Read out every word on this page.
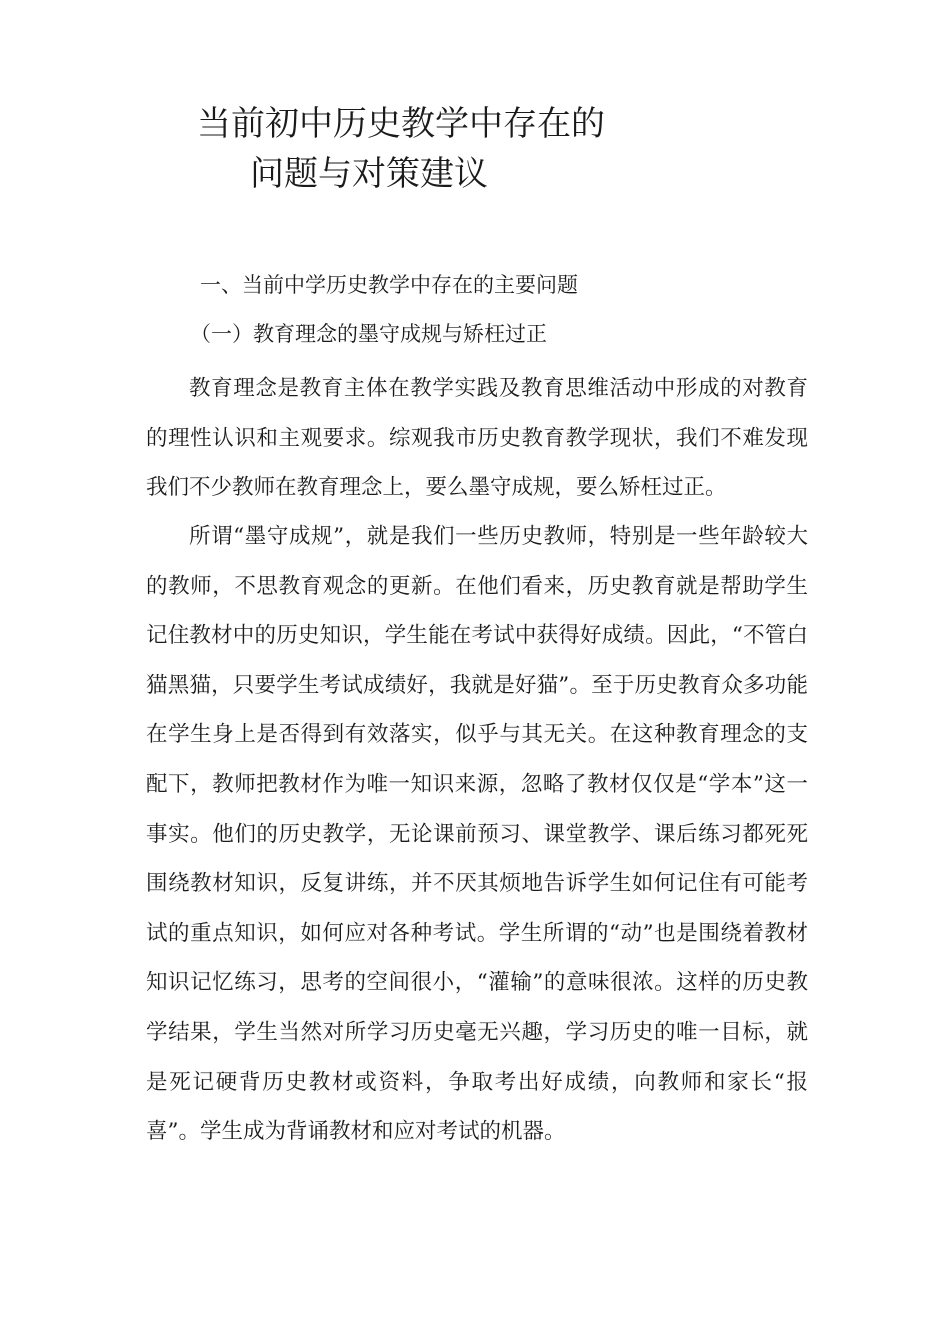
当前初中历史教学中存在的
问题与对策建议
一、当前中学历史教学中存在的主要问题
（一）教育理念的墨守成规与矫枉过正

教育理念是教育主体在教学实践及教育思维活动中形成的对教育的理性认识和主观要求。综观我市历史教育教学现状，我们不难发现我们不少教师在教育理念上，要么墨守成规，要么矫枉过正。

所谓“墨守成规”，就是我们一些历史教师，特别是一些年龄较大的教师，不思教育观念的更新。在他们看来，历史教育就是帮助学生记住教材中的历史知识，学生能在考试中获得好成绩。因此，“不管白猫黑猫，只要学生考试成绩好，我就是好猫”。至于历史教育众多功能在学生身上是否得到有效落实，似乎与其无关。在这种教育理念的支配下，教师把教材作为唯一知识来源，忽略了教材仅仅是“学本”这一事实。他们的历史教学，无论课前预习、课堂教学、课后练习都死死围绕教材知识，反复讲练，并不厌其烦地告诉学生如何记住有可能考试的重点知识，如何应对各种考试。学生所谓的“动”也是围绕着教材知识记忆练习，思考的空间很小，“灌输”的意味很浓。这样的历史教学结果，学生当然对所学习历史毫无兴趣，学习历史的唯一目标，就是死记硬背历史教材或资料，争取考出好成绩，向教师和家长“报喜”。学生成为背诵教材和应对考试的机器。
